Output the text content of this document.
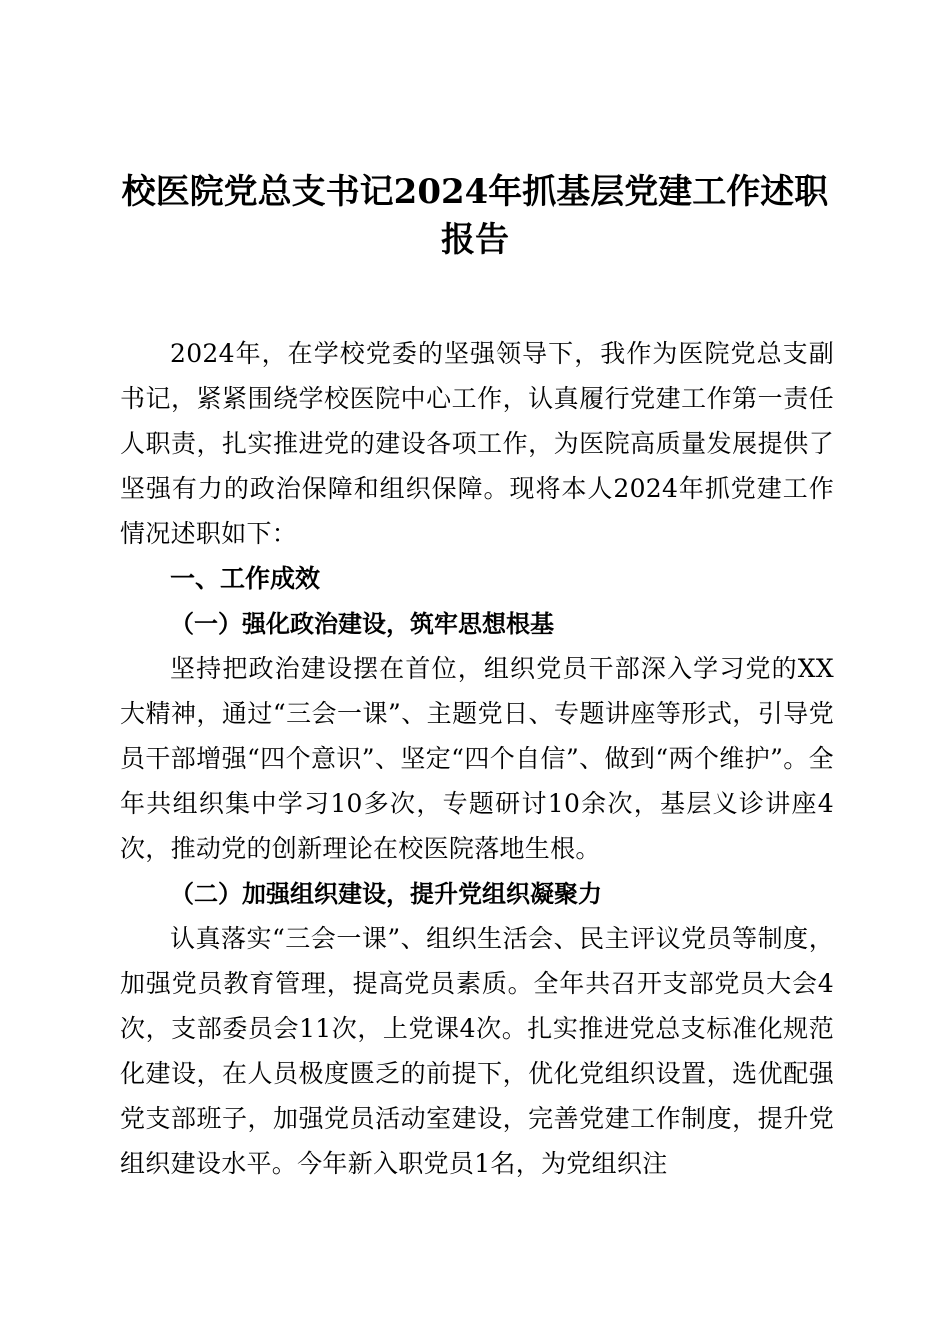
校医院党总支书记2024年抓基层党建工作述职报告

2024年，在学校党委的坚强领导下，我作为医院党总支副书记，紧紧围绕学校医院中心工作，认真履行党建工作第一责任人职责，扎实推进党的建设各项工作，为医院高质量发展提供了坚强有力的政治保障和组织保障。现将本人2024年抓党建工作情况述职如下：

一、工作成效

（一）强化政治建设，筑牢思想根基

坚持把政治建设摆在首位，组织党员干部深入学习党的XX大精神，通过“三会一课”、主题党日、专题讲座等形式，引导党员干部增强“四个意识”、坚定“四个自信”、做到“两个维护”。全年共组织集中学习10多次，专题研讨10余次，基层义诊讲座4次，推动党的创新理论在校医院落地生根。

（二）加强组织建设，提升党组织凝聚力

认真落实“三会一课”、组织生活会、民主评议党员等制度，加强党员教育管理，提高党员素质。全年共召开支部党员大会4次，支部委员会11次，上党课4次。扎实推进党总支标准化规范化建设，在人员极度匮乏的前提下，优化党组织设置，选优配强党支部班子，加强党员活动室建设，完善党建工作制度，提升党组织建设水平。今年新入职党员1名，为党组织注
